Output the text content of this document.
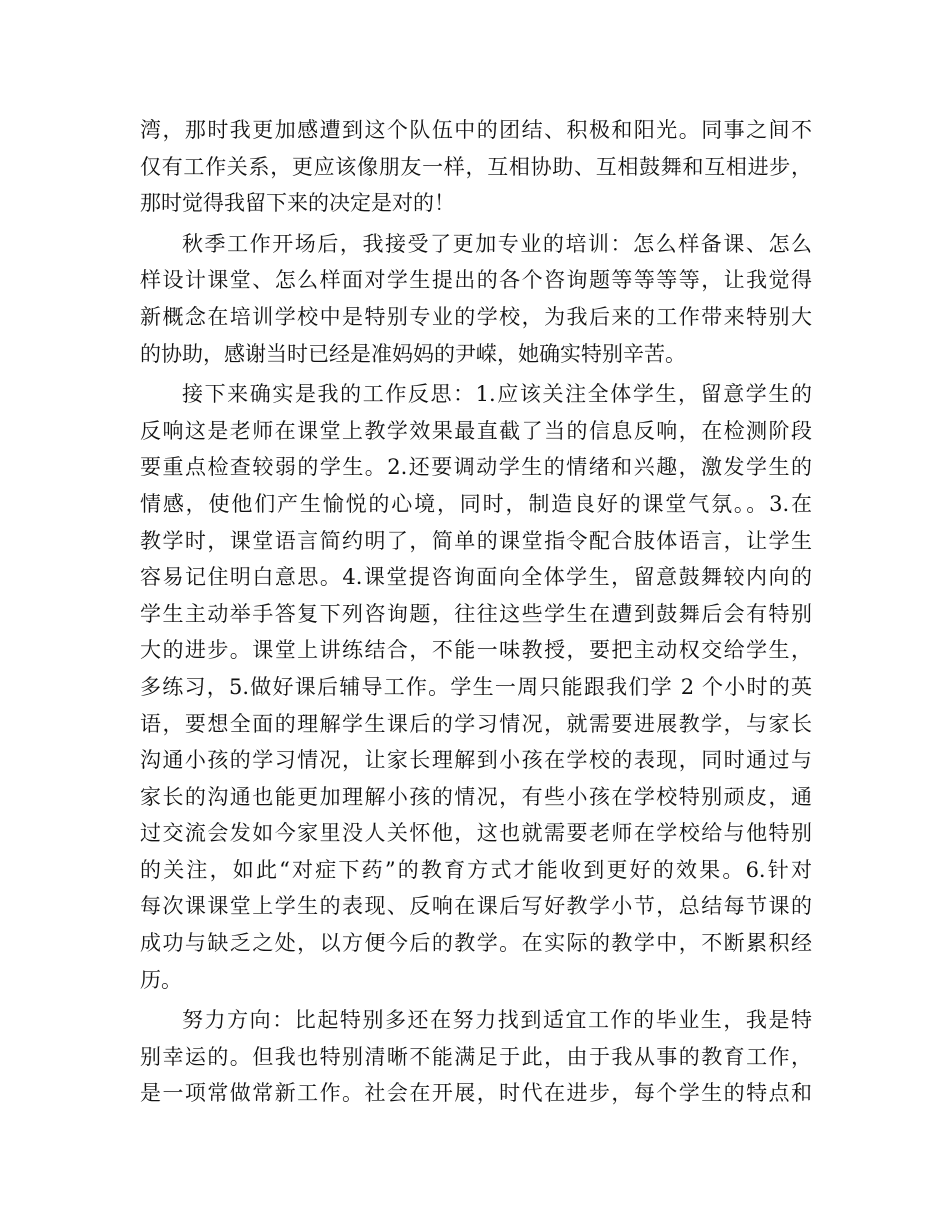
湾，那时我更加感遭到这个队伍中的团结、积极和阳光。同事之间不
仅有工作关系，更应该像朋友一样，互相协助、互相鼓舞和互相进步，
那时觉得我留下来的决定是对的！
秋季工作开场后，我接受了更加专业的培训：怎么样备课、怎么
样设计课堂、怎么样面对学生提出的各个咨询题等等等等，让我觉得
新概念在培训学校中是特别专业的学校，为我后来的工作带来特别大
的协助，感谢当时已经是准妈妈的尹嵘，她确实特别辛苦。
接下来确实是我的工作反思：1.应该关注全体学生，留意学生的
反响这是老师在课堂上教学效果最直截了当的信息反响，在检测阶段
要重点检查较弱的学生。2.还要调动学生的情绪和兴趣，激发学生的
情感，使他们产生愉悦的心境，同时，制造良好的课堂气氛。。3.在
教学时，课堂语言简约明了，简单的课堂指令配合肢体语言，让学生
容易记住明白意思。4.课堂提咨询面向全体学生，留意鼓舞较内向的
学生主动举手答复下列咨询题，往往这些学生在遭到鼓舞后会有特别
大的进步。课堂上讲练结合，不能一味教授，要把主动权交给学生，
多练习，5.做好课后辅导工作。学生一周只能跟我们学 2 个小时的英
语，要想全面的理解学生课后的学习情况，就需要进展教学，与家长
沟通小孩的学习情况，让家长理解到小孩在学校的表现，同时通过与
家长的沟通也能更加理解小孩的情况，有些小孩在学校特别顽皮，通
过交流会发如今家里没人关怀他，这也就需要老师在学校给与他特别
的关注，如此“对症下药”的教育方式才能收到更好的效果。6.针对
每次课课堂上学生的表现、反响在课后写好教学小节，总结每节课的
成功与缺乏之处，以方便今后的教学。在实际的教学中，不断累积经
历。
努力方向：比起特别多还在努力找到适宜工作的毕业生，我是特
别幸运的。但我也特别清晰不能满足于此，由于我从事的教育工作，
是一项常做常新工作。社会在开展，时代在进步，每个学生的特点和
